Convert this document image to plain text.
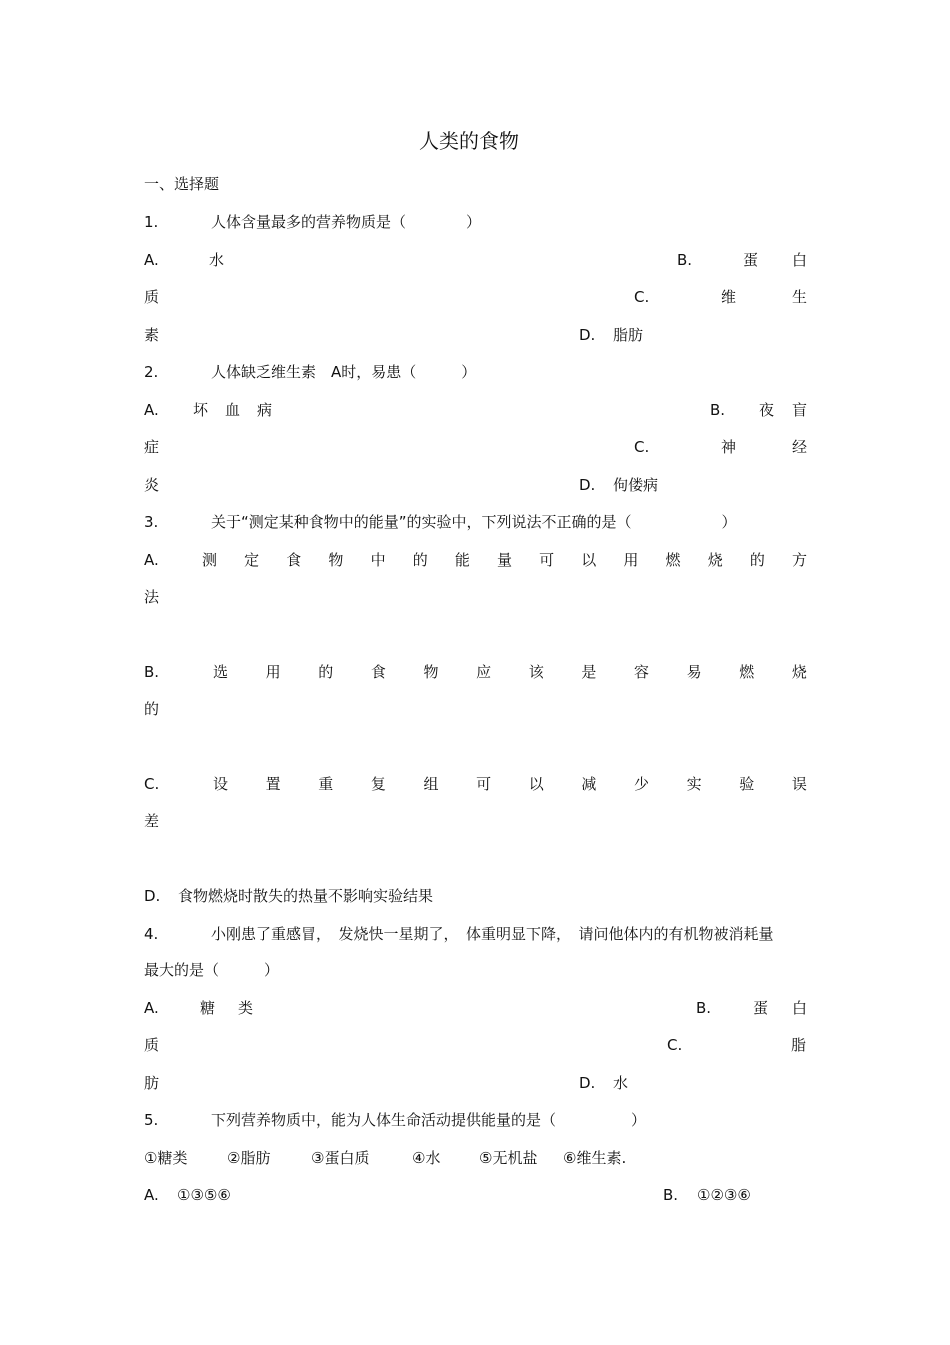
人类的食物
一、选择题
1.	人体含量最多的营养物质是（　　　　）
A.	水	B.	蛋 白
质	C.	维	生
素	D. 脂肪
2.	人体缺乏维生素　A时，易患（　　　）
A. 坏 血 病	B. 夜 盲
症	C.	神	经
炎	D. 佝偻病
3.	关于“测定某种食物中的能量”的实验中，下列说法不正确的是（　　　　　　）
A.	测 定 食 物 中 的 能 量 可 以 用 燃 烧 的 方
法
B.	选	用	的	食	物	应	该	是	容	易	燃	烧
的
C.	设	置	重	复	组	可	以	减	少	实	验	误
差
D. 食物燃烧时散失的热量不影响实验结果
4.	小刚患了重感冒，　发烧快一星期了，　体重明显下降，　请问他体内的有机物被消耗量
最大的是（　　　）
A.	糖 类	B.	蛋 白
质	C.	脂
肪	D. 水
5.	下列营养物质中，能为人体生命活动提供能量的是（　　　　　）
①糖类	②脂肪	③蛋白质	④水	⑤无机盐 ⑥维生素.
A. ①③⑤⑥	B. ①②③⑥
